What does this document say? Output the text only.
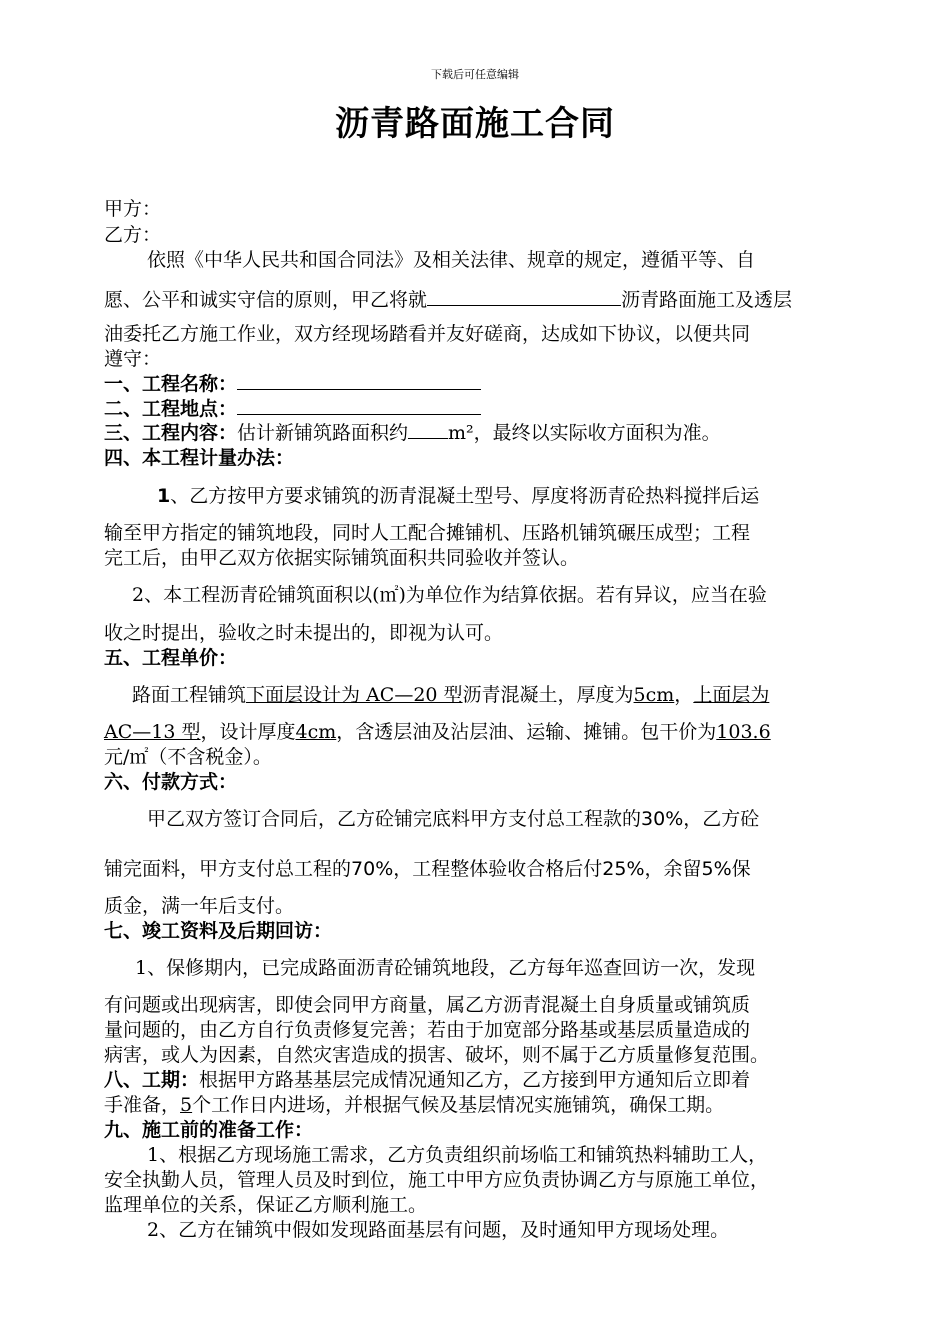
下载后可任意编辑
沥青路面施工合同
甲方：
乙方：
依照《中华人民共和国合同法》及相关法律、规章的规定，遵循平等、自
愿、公平和诚实守信的原则，甲乙将就	沥青路面施工及透层
油委托乙方施工作业，双方经现场踏看并友好磋商，达成如下协议，以便共同
遵守：
一、工程名称：
二、工程地点：
三、工程内容：估计新铺筑路面积约 m²，最终以实际收方面积为准。
四、本工程计量办法：
1、乙方按甲方要求铺筑的沥青混凝土型号、厚度将沥青砼热料搅拌后运
输至甲方指定的铺筑地段，同时人工配合摊铺机、压路机铺筑碾压成型；工程
完工后，由甲乙双方依据实际铺筑面积共同验收并签认。
2、本工程沥青砼铺筑面积以(㎡)为单位作为结算依据。若有异议，应当在验
收之时提出，验收之时未提出的，即视为认可。
五、工程单价：
路面工程铺筑下面层设计为 AC—20 型沥青混凝土，厚度为5cm，上面层为
AC—13 型，设计厚度4cm，含透层油及沾层油、运输、摊铺。包干价为103.6
元/㎡（不含税金）。
六、付款方式：
甲乙双方签订合同后，乙方砼铺完底料甲方支付总工程款的30%，乙方砼
铺完面料，甲方支付总工程的70%，工程整体验收合格后付25%，余留5%保
质金，满一年后支付。
七、竣工资料及后期回访：
1、保修期内，已完成路面沥青砼铺筑地段，乙方每年巡查回访一次，发现
有问题或出现病害，即使会同甲方商量，属乙方沥青混凝土自身质量或铺筑质
量问题的，由乙方自行负责修复完善；若由于加宽部分路基或基层质量造成的
病害，或人为因素，自然灾害造成的损害、破坏，则不属于乙方质量修复范围。
八、工期：根据甲方路基基层完成情况通知乙方，乙方接到甲方通知后立即着
手准备，5个工作日内进场，并根据气候及基层情况实施铺筑，确保工期。
九、施工前的准备工作：
1、根据乙方现场施工需求，乙方负责组织前场临工和铺筑热料辅助工人，
安全执勤人员，管理人员及时到位，施工中甲方应负责协调乙方与原施工单位，
监理单位的关系，保证乙方顺利施工。
2、乙方在铺筑中假如发现路面基层有问题，及时通知甲方现场处理。
